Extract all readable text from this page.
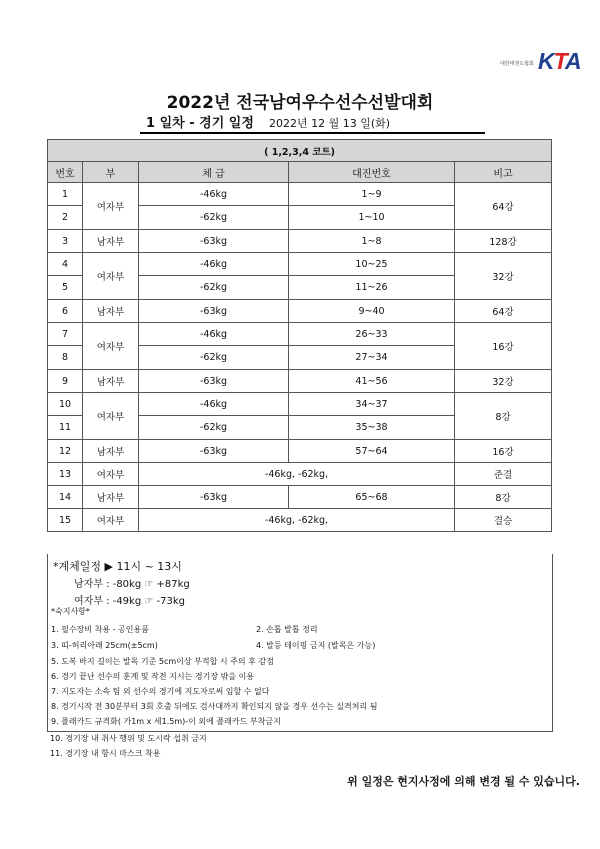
대한태권도협회 KTA
2022년 전국남여우수선수선발대회
1 일차 - 경기 일정 2022년 12 월 13 일(화)
( 1,2,3,4 코트)				
번호	부	체 급	대진번호	비고
1	여자부	-46kg	1~9	64강
2		-62kg	1~10	
3	남자부	-63kg	1~8	128강
4	여자부	-46kg	10~25	32강
5		-62kg	11~26	
6	남자부	-63kg	9~40	64강
7	여자부	-46kg	26~33	16강
8		-62kg	27~34	
9	남자부	-63kg	41~56	32강
10	여자부	-46kg	34~37	8강
11		-62kg	35~38	
12	남자부	-63kg	57~64	16강
13	여자부	-46kg, -62kg,		준결
14	남자부	-63kg	65~68	8강
15	여자부	-46kg, -62kg,		결승
*계체일정 ▶ 11시 ~ 13시
남자부 : -80kg ☞ +87kg
여자부 : -49kg ☞ -73kg
*숙지사항*
1. 필수장비 착용 - 공인용품	2. 손톱 발톱 정리
3. 띠-허리아래 25cm(±5cm)	4. 발등 테이핑 금지 (발목은 가능)
5. 도복 바지 길이는 발목 기준 5cm이상 부적합 시 주의 후 감점
6. 경기 끝난 선수의 훈계 및 작전 지시는 경기장 밖을 이용
7. 지도자는 소속 팀 외 선수의 경기에 지도자로써 임할 수 없다
8. 경기시작 전 30분부터 3회 호출 뒤에도 검사대까지 확인되지 않을 경우 선수는 실격처리 됨
9. 플래카드 규격화( 가1m x 세1.5m)-이 외에 플래카드 부착금지
10. 경기장 내 취사 행위 및 도시락 섭취 금지
11. 경기장 내 항시 마스크 착용
위 일정은 현지사정에 의해 변경 될 수 있습니다.
